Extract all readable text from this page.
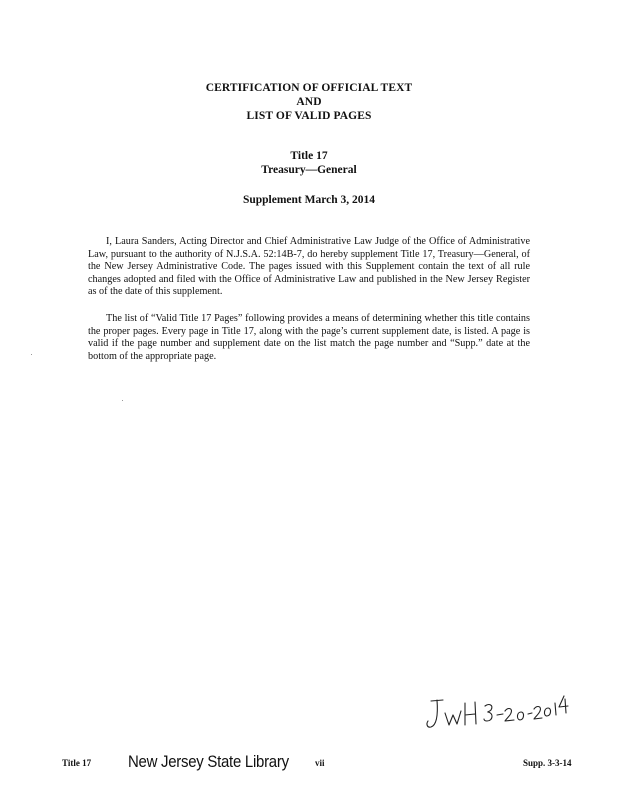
CERTIFICATION OF OFFICIAL TEXT
AND
LIST OF VALID PAGES
Title 17
Treasury—General
Supplement March 3, 2014

I, Laura Sanders, Acting Director and Chief Administrative Law Judge of the Office of Administrative Law, pursuant to the authority of N.J.S.A. 52:14B-7, do hereby supplement Title 17, Treasury—General, of the New Jersey Administrative Code. The pages issued with this Supplement contain the text of all rule changes adopted and filed with the Office of Administrative Law and published in the New Jersey Register as of the date of this supplement.

The list of “Valid Title 17 Pages” following provides a means of determining whether this title contains the proper pages. Every page in Title 17, along with the page’s current supplement date, is listed. A page is valid if the page number and supplement date on the list match the page number and “Supp.” date at the bottom of the appropriate page.

Title 17 New Jersey State Library	vii	Supp. 3-3-14
